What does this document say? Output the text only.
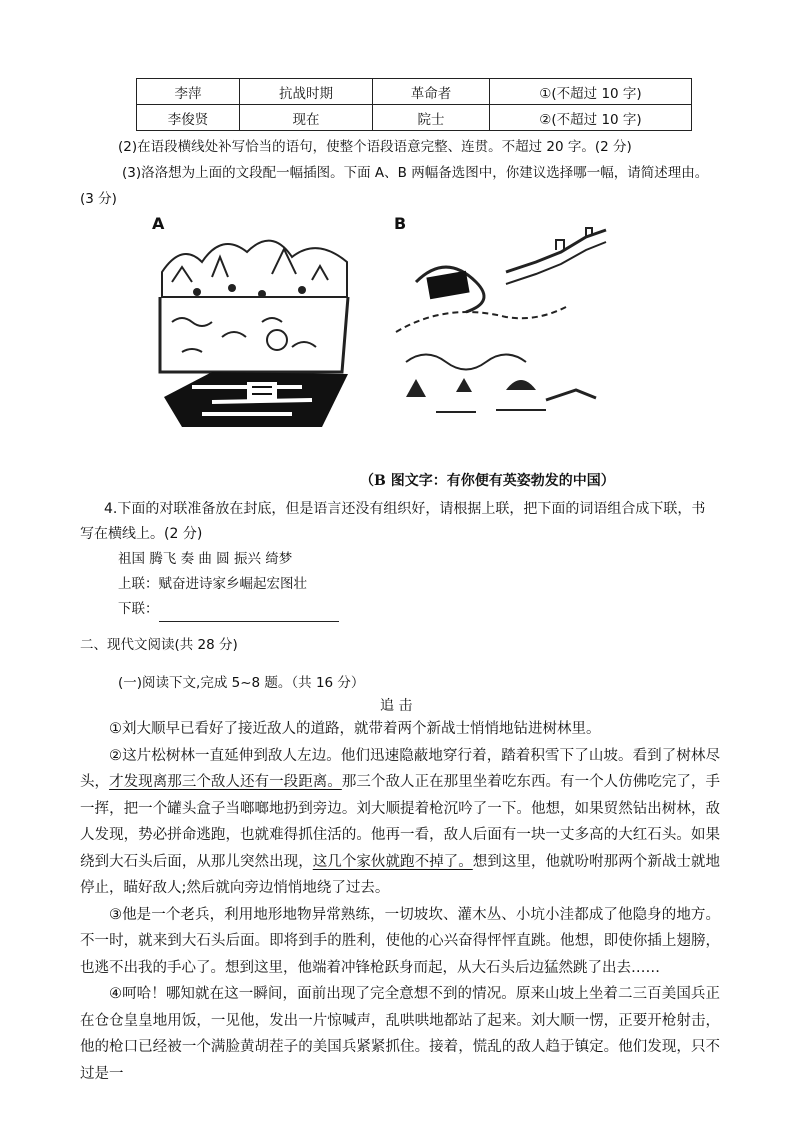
李萍	抗战时期	革命者	①(不超过 10 字)
李俊贤	现在	院士	②(不超过 10 字)
(2)在语段横线处补写恰当的语句，使整个语段语意完整、连贯。不超过 20 字。(2 分)
(3)洛洛想为上面的文段配一幅插图。下面 A、B 两幅备选图中，你建议选择哪一幅，请简述理由。
(3 分)
A	B
（B 图文字：有你便有英姿勃发的中国）
4.下面的对联准备放在封底，但是语言还没有组织好，请根据上联，把下面的词语组合成下联，书
写在横线上。(2 分)
祖国 腾飞 奏 曲 圆 振兴 绮梦
上联：赋奋进诗家乡崛起宏图壮
下联：
二、现代文阅读(共 28 分)
(一)阅读下文,完成 5~8 题。（共 16 分）
追 击

①刘大顺早已看好了接近敌人的道路，就带着两个新战士悄悄地钻进树林里。

②这片松树林一直延伸到敌人左边。他们迅速隐蔽地穿行着，踏着积雪下了山坡。看到了树林尽头，才发现离那三个敌人还有一段距离。那三个敌人正在那里坐着吃东西。有一个人仿佛吃完了，手一挥，把一个罐头盒子当啷啷地扔到旁边。刘大顺提着枪沉吟了一下。他想，如果贸然钻出树林，敌人发现，势必拼命逃跑，也就难得抓住活的。他再一看，敌人后面有一块一丈多高的大红石头。如果绕到大石头后面，从那儿突然出现，这几个家伙就跑不掉了。想到这里，他就吩咐那两个新战士就地停止，瞄好敌人;然后就向旁边悄悄地绕了过去。

③他是一个老兵，利用地形地物异常熟练，一切坡坎、灌木丛、小坑小洼都成了他隐身的地方。不一时，就来到大石头后面。即将到手的胜利，使他的心兴奋得怦怦直跳。他想，即使你插上翅膀，也逃不出我的手心了。想到这里，他端着冲锋枪跃身而起，从大石头后边猛然跳了出去……

④呵哈！哪知就在这一瞬间，面前出现了完全意想不到的情况。原来山坡上坐着二三百美国兵正在仓仓皇皇地用饭，一见他，发出一片惊喊声，乱哄哄地都站了起来。刘大顺一愣，正要开枪射击，他的枪口已经被一个满脸黄胡茬子的美国兵紧紧抓住。接着，慌乱的敌人趋于镇定。他们发现，只不过是一
